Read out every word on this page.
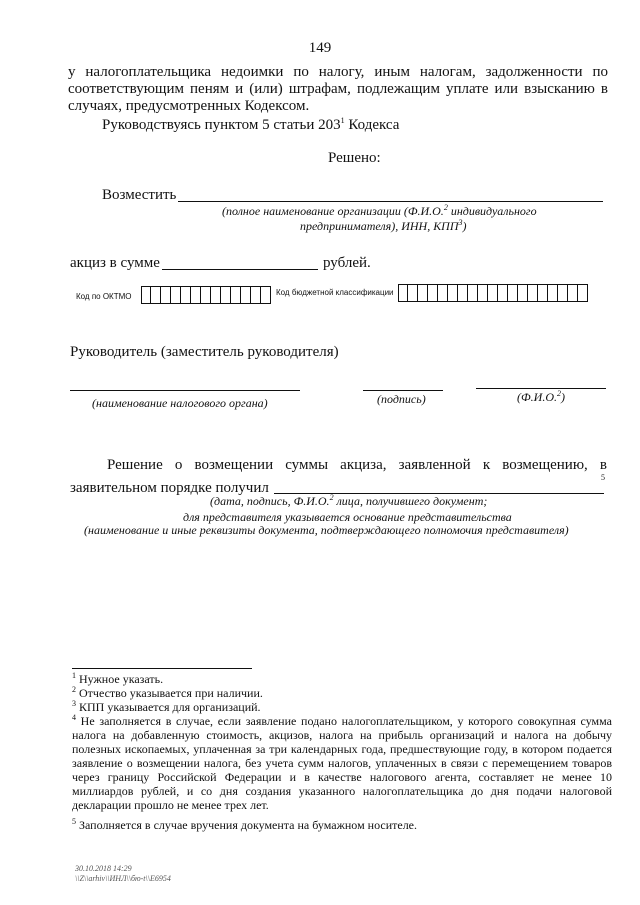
149
у налогоплательщика недоимки по налогу, иным налогам, задолженности по соответствующим пеням и (или) штрафам, подлежащим уплате или взысканию в случаях, предусмотренных Кодексом.
Руководствуясь пунктом 5 статьи $203^1$ Кодекса
Решено:
Возместить
(полное наименование организации (Ф.И.О.$^2$ индивидуального
предпринимателя), ИНН, КПП$^3$)
акциз в сумме	рублей.
Код по ОКТМО	Код бюджетной классификации
Руководитель (заместитель руководителя)
(наименование налогового органа)	(подпись)	(Ф.И.О.$^2$)
Решение о возмещении суммы акциза, заявленной к возмещению, в
заявительном порядке получил
5
(дата, подпись, Ф.И.О.$^2$ лица, получившего документ;
для представителя указывается основание представительства
(наименование и иные реквизиты документа, подтверждающего полномочия представителя)
$^1$ Нужное указать.
$^2$ Отчество указывается при наличии.
$^3$ КПП указывается для организаций.
$^4$ Не заполняется в случае, если заявление подано налогоплательщиком, у которого совокупная сумма налога на добавленную стоимость, акцизов, налога на прибыль организаций и налога на добычу полезных ископаемых, уплаченная за три календарных года, предшествующие году, в котором подается заявление о возмещении налога, без учета сумм налогов, уплаченных в связи с перемещением товаров через границу Российской Федерации и в качестве налогового агента, составляет не менее 10 миллиардов рублей, и со дня создания указанного налогоплательщика до дня подачи налоговой декларации прошло не менее трех лет.
$^5$ Заполняется в случае вручения документа на бумажном носителе.
30.10.2018 14:29
\\Z\\arhiv\\ИНЛ\\бю-t\\E6954
